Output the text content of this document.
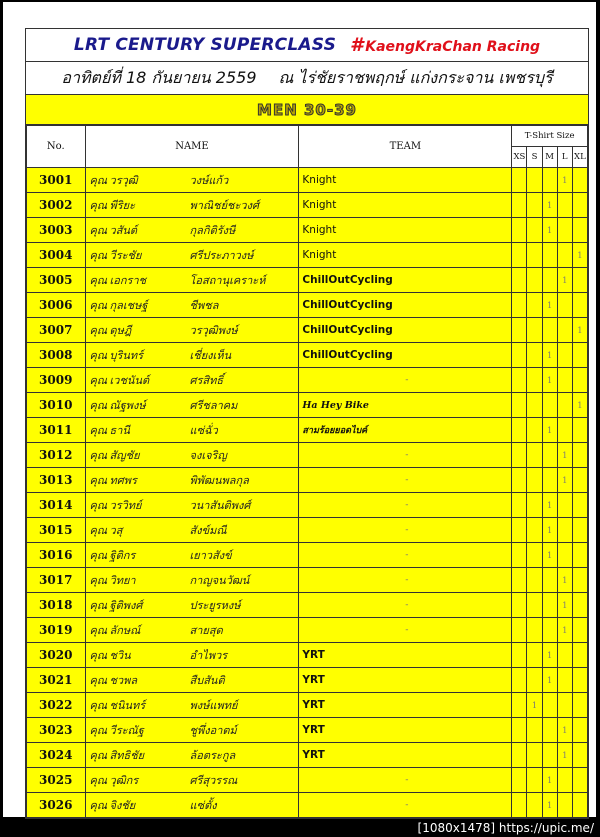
LRT CENTURY SUPERCLASS # KaengKraChan Racing
อาทิตย์ที่ 18 กันยายน 2559 ณ ไร่ชัยราชพฤกษ์ แก่งกระจาน เพชรบุรี
MEN 30-39
No.	NAME	TEAM	T-Shirt Size				
			XS	S	M	L	XL
3001	คุณ วรวุฒิ วงษ์แก้ว	Knight				1	
3002	คุณ พีริยะ พาณิชย์ชะวงศ์	Knight			1		
3003	คุณ วสันต์ กุลกิติรังษี	Knight			1		
3004	คุณ วีระชัย ศรีประภาวงษ์	Knight					1
3005	คุณ เอกราช โอสถานุเคราะห์	ChillOutCycling				1	
3006	คุณ กุลเชษฐ์ ชีพชล	ChillOutCycling			1		
3007	คุณ ดุษฎี วรวุฒิพงษ์	ChillOutCycling					1
3008	คุณ บุรินทร์ เชี่ยงเห็น	ChillOutCycling			1		
3009	คุณ เวชนันต์ ศรสิทธิ์	-			1		
3010	คุณ ณัฐพงษ์ ศรีชลาคม	Ha Hey Bike					1
3011	คุณ ธานี แซ่ฉั่ว	สามร้อยยอดไบค์			1		
3012	คุณ สัญชัย จงเจริญ	-				1	
3013	คุณ ทศพร พิพัฒนพลกุล	-				1	
3014	คุณ วรวิทย์ วนาสันติพงศ์	-			1		
3015	คุณ วสุ สังข์มณี	-			1		
3016	คุณ ฐิติกร เยาวสังข์	-			1		
3017	คุณ วิทยา กาญจนวัฒน์	-				1	
3018	คุณ ฐิติพงศ์ ประยูรหงษ์	-				1	
3019	คุณ ลักษณ์ สายสุด	-				1	
3020	คุณ ชวิน อำไพวร	YRT			1		
3021	คุณ ชวพล สืบสันติ	YRT			1		
3022	คุณ ชนินทร์ พงษ์แพทย์	YRT		1			
3023	คุณ วีระณัฐ ชูพึ่งอาตม์	YRT				1	
3024	คุณ สิทธิชัย ล้อตระกูล	YRT				1	
3025	คุณ วุฒิกร ศรีสุวรรณ	-			1		
3026	คุณ จิงชัย แซ่ตั้ง	-			1		
[1080x1478] https://upic.me/
